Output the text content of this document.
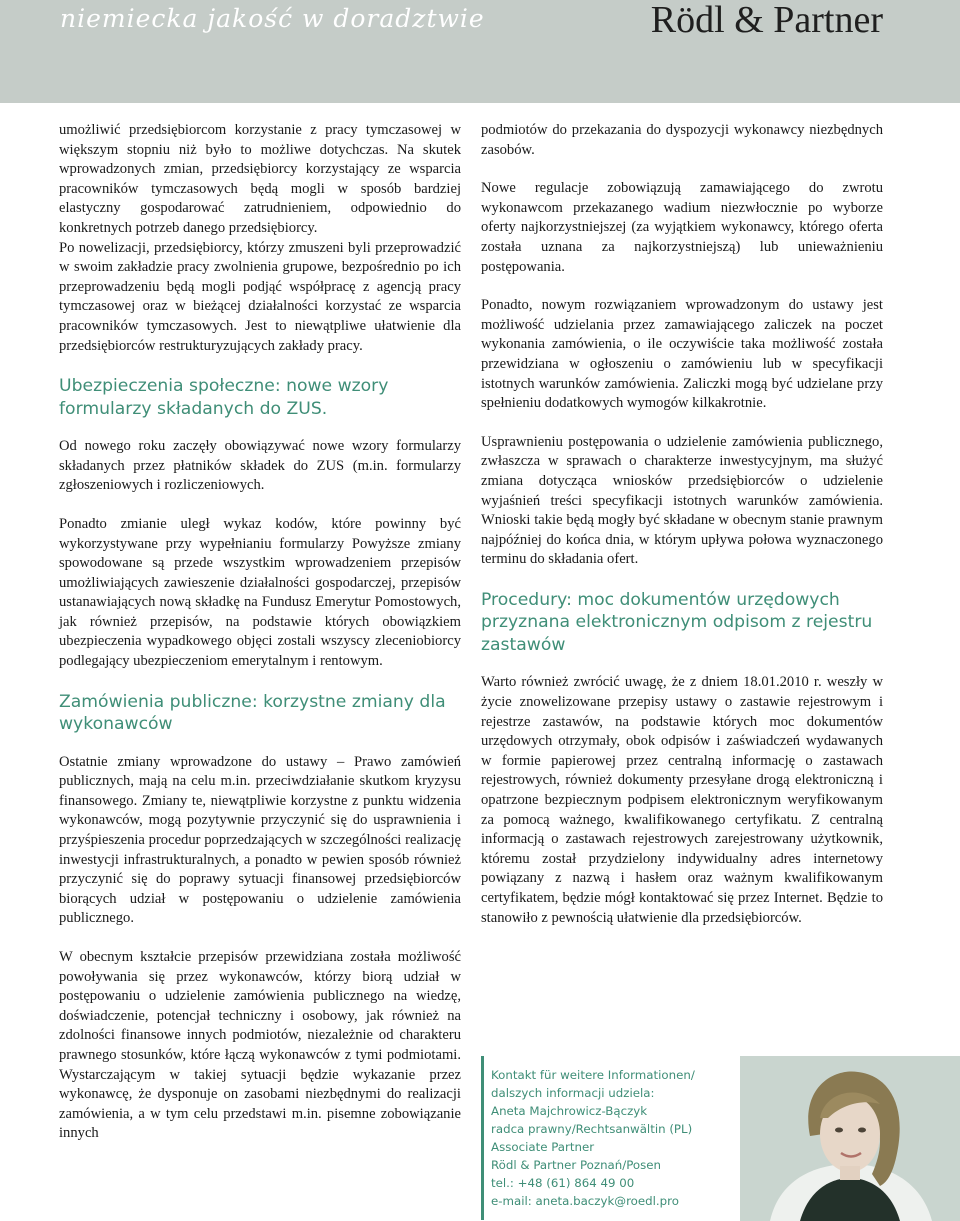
niemiecka jakość w doradztwie	Rödl & Partner

umożliwić przedsiębiorcom korzystanie z pracy tymczasowej w większym stopniu niż było to możliwe dotychczas. Na skutek wprowadzonych zmian, przedsiębiorcy korzystający ze wsparcia pracowników tymczasowych będą mogli w sposób bardziej elastyczny gospodarować zatrudnieniem, odpowiednio do konkretnych potrzeb danego przedsiębiorcy.

Po nowelizacji, przedsiębiorcy, którzy zmuszeni byli przeprowadzić w swoim zakładzie pracy zwolnienia grupowe, bezpośrednio po ich przeprowadzeniu będą mogli podjąć współpracę z agencją pracy tymczasowej oraz w bieżącej działalności korzystać ze wsparcia pracowników tymczasowych. Jest to niewątpliwe ułatwienie dla przedsiębiorców restrukturyzujących zakłady pracy.

Ubezpieczenia społeczne: nowe wzory formularzy składanych do ZUS.

Od nowego roku zaczęły obowiązywać nowe wzory formularzy składanych przez płatników składek do ZUS (m.in. formularzy zgłoszeniowych i rozliczeniowych.

Ponadto zmianie uległ wykaz kodów, które powinny być wykorzystywane przy wypełnianiu formularzy Powyższe zmiany spowodowane są przede wszystkim wprowadzeniem przepisów umożliwiających zawieszenie działalności gospodarczej, przepisów ustanawiających nową składkę na Fundusz Emerytur Pomostowych, jak również przepisów, na podstawie których obowiązkiem ubezpieczenia wypadkowego objęci zostali wszyscy zleceniobiorcy podlegający ubezpieczeniom emerytalnym i rentowym.

Zamówienia publiczne: korzystne zmiany dla wykonawców

Ostatnie zmiany wprowadzone do ustawy – Prawo zamówień publicznych, mają na celu m.in. przeciwdziałanie skutkom kryzysu finansowego. Zmiany te, niewątpliwie korzystne z punktu widzenia wykonawców, mogą pozytywnie przyczynić się do usprawnienia i przyśpieszenia procedur poprzedzających w szczególności realizację inwestycji infrastrukturalnych, a ponadto w pewien sposób również przyczynić się do poprawy sytuacji finansowej przedsiębiorców biorących udział w postępowaniu o udzielenie zamówienia publicznego.

W obecnym kształcie przepisów przewidziana została możliwość powoływania się przez wykonawców, którzy biorą udział w postępowaniu o udzielenie zamówienia publicznego na wiedzę, doświadczenie, potencjał techniczny i osobowy, jak również na zdolności finansowe innych podmiotów, niezależnie od charakteru prawnego stosunków, które łączą wykonawców z tymi podmiotami. Wystarczającym w takiej sytuacji będzie wykazanie przez wykonawcę, że dysponuje on zasobami niezbędnymi do realizacji zamówienia, a w tym celu przedstawi m.in. pisemne zobowiązanie innych

podmiotów do przekazania do dyspozycji wykonawcy niezbędnych zasobów.

Nowe regulacje zobowiązują zamawiającego do zwrotu wykonawcom przekazanego wadium niezwłocznie po wyborze oferty najkorzystniejszej (za wyjątkiem wykonawcy, którego oferta została uznana za najkorzystniejszą) lub unieważnieniu postępowania.

Ponadto, nowym rozwiązaniem wprowadzonym do ustawy jest możliwość udzielania przez zamawiającego zaliczek na poczet wykonania zamówienia, o ile oczywiście taka możliwość została przewidziana w ogłoszeniu o zamówieniu lub w specyfikacji istotnych warunków zamówienia. Zaliczki mogą być udzielane przy spełnieniu dodatkowych wymogów kilkakrotnie.

Usprawnieniu postępowania o udzielenie zamówienia publicznego, zwłaszcza w sprawach o charakterze inwestycyjnym, ma służyć zmiana dotycząca wniosków przedsiębiorców o udzielenie wyjaśnień treści specyfikacji istotnych warunków zamówienia. Wnioski takie będą mogły być składane w obecnym stanie prawnym najpóźniej do końca dnia, w którym upływa połowa wyznaczonego terminu do składania ofert.

Procedury: moc dokumentów urzędowych przyznana elektronicznym odpisom z rejestru zastawów

Warto również zwrócić uwagę, że z dniem 18.01.2010 r. weszły w życie znowelizowane przepisy ustawy o zastawie rejestrowym i rejestrze zastawów, na podstawie których moc dokumentów urzędowych otrzymały, obok odpisów i zaświadczeń wydawanych w formie papierowej przez centralną informację o zastawach rejestrowych, również dokumenty przesyłane drogą elektroniczną i opatrzone bezpiecznym podpisem elektronicznym weryfikowanym za pomocą ważnego, kwalifikowanego certyfikatu. Z centralną informacją o zastawach rejestrowych zarejestrowany użytkownik, któremu został przydzielony indywidualny adres internetowy powiązany z nazwą i hasłem oraz ważnym kwalifikowanym certyfikatem, będzie mógł kontaktować się przez Internet. Będzie to stanowiło z pewnością ułatwienie dla przedsiębiorców.

Kontakt für weitere Informationen/
dalszych informacji udziela:
Aneta Majchrowicz-Bączyk
radca prawny/Rechtsanwältin (PL)
Associate Partner
Rödl & Partner Poznań/Posen
tel.: +48 (61) 864 49 00
e-mail: aneta.baczyk@roedl.pro
